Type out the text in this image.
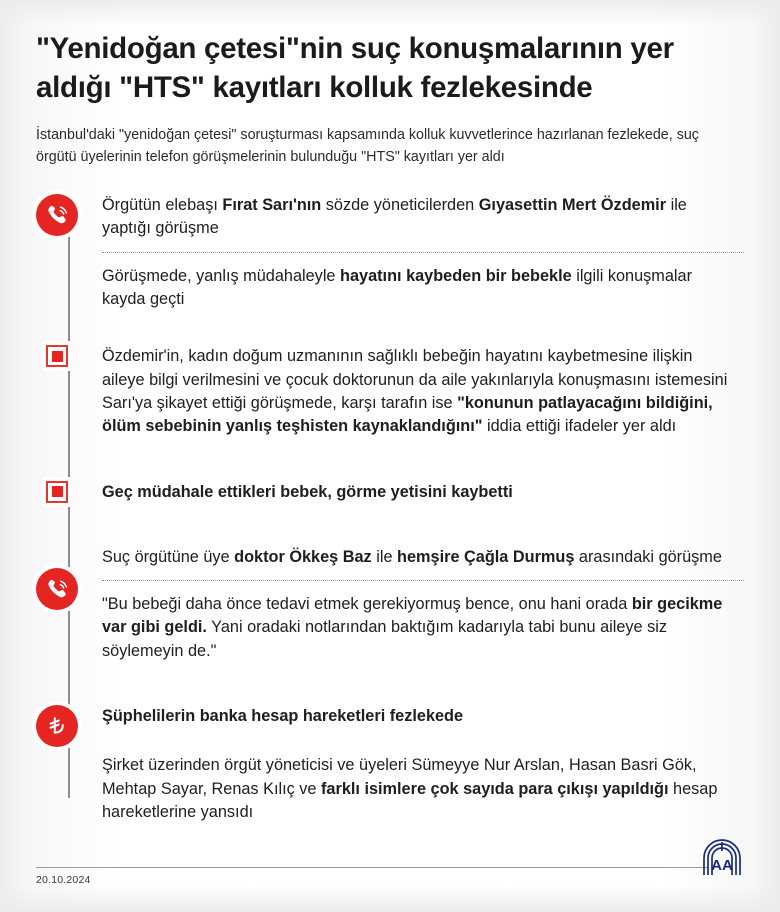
"Yenidoğan çetesi"nin suç konuşmalarının yer aldığı "HTS" kayıtları kolluk fezlekesinde

İstanbul'daki "yenidoğan çetesi" soruşturması kapsamında kolluk kuvvetlerince hazırlanan fezlekede, suç örgütü üyelerinin telefon görüşmelerinin bulunduğu "HTS" kayıtları yer aldı

Örgütün elebaşı Fırat Sarı'nın sözde yöneticilerden Gıyasettin Mert Özdemir ile yaptığı görüşme

Görüşmede, yanlış müdahaleyle hayatını kaybeden bir bebekle ilgili konuşmalar kayda geçti

Özdemir'in, kadın doğum uzmanının sağlıklı bebeğin hayatını kaybetmesine ilişkin aileye bilgi verilmesini ve çocuk doktorunun da aile yakınlarıyla konuşmasını istemesini Sarı'ya şikayet ettiği görüşmede, karşı tarafın ise "konunun patlayacağını bildiğini, ölüm sebebinin yanlış teşhisten kaynaklandığını" iddia ettiği ifadeler yer aldı

Geç müdahale ettikleri bebek, görme yetisini kaybetti

Suç örgütüne üye doktor Ökkeş Baz ile hemşire Çağla Durmuş arasındaki görüşme

"Bu bebeği daha önce tedavi etmek gerekiyormuş bence, onu hani orada bir gecikme var gibi geldi. Yani oradaki notlarından baktığım kadarıyla tabi bunu aileye siz söylemeyin de."

Şüphelilerin banka hesap hareketleri fezlekede

Şirket üzerinden örgüt yöneticisi ve üyeleri Sümeyye Nur Arslan, Hasan Basri Gök, Mehtap Sayar, Renas Kılıç ve farklı isimlere çok sayıda para çıkışı yapıldığı hesap hareketlerine yansıdı

20.10.2024
AA
